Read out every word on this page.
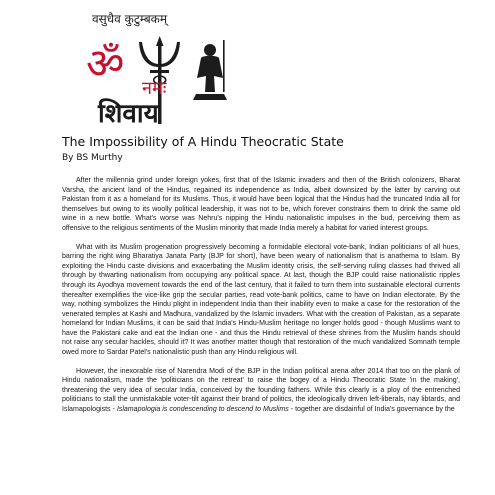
वसुधैव कुटुम्बकम्
ॐ
नमः
शिवाय
The Impossibility of A Hindu Theocratic State
By BS Murthy

After the millennia grind under foreign yokes, first that of the Islamic invaders and then of the British colonizers, Bharat Varsha, the ancient land of the Hindus, regained its independence as India, albeit downsized by the latter by carving out Pakistan from it as a homeland for its Muslims. Thus, it would have been logical that the Hindus had the truncated India all for themselves but owing to its woolly political leadership, it was not to be, which forever constrains them to drink the same old wine in a new bottle. What's worse was Nehru's nipping the Hindu nationalistic impulses in the bud, perceiving them as offensive to the religious sentiments of the Muslim minority that made India merely a habitat for varied interest groups.

What with its Muslim progenation progressively becoming a formidable electoral vote-bank, Indian politicians of all hues, barring the right wing Bharatiya Janata Party (BJP for short), have been weary of nationalism that is anathema to Islam. By exploiting the Hindu caste divisions and exacerbating the Muslim identity crisis, the self-serving ruling classes had thrived all through by thwarting nationalism from occupying any political space. At last, though the BJP could raise nationalistic ripples through its Ayodhya movement towards the end of the last century, that it failed to turn them into sustainable electoral currents thereafter exemplifies the vice-like grip the secular parties, read vote-bank politics, came to have on Indian electorate. By the way, nothing symbolizes the Hindu plight in independent India than their inability even to make a case for the restoration of the venerated temples at Kashi and Madhura, vandalized by the Islamic invaders. What with the creation of Pakistan, as a separate homeland for Indian Muslims, it can be said that India's Hindu-Muslim heritage no longer holds good - though Muslims want to have the Pakistani cake and eat the Indian one - and thus the Hindu retrieval of these shrines from the Muslim hands should not raise any secular hackles, should it? It was another matter though that restoration of the much vandalized Somnath temple owed more to Sardar Patel's nationalistic push than any Hindu religious will.

However, the inexorable rise of Narendra Modi of the BJP in the Indian political arena after 2014 that too on the plank of Hindu nationalism, made the 'politicians on the retreat' to raise the bogey of a Hindu Theocratic State 'in the making', threatening the very idea of secular India, conceived by the founding fathers. While this clearly is a ploy of the entrenched politicians to stall the unmistakable voter-tilt against their brand of politics, the ideologically driven left-liberals, nay libtards, and Islamapologists - Islamapologia is condescending to descend to Muslims - together are disdainful of India's governance by the
